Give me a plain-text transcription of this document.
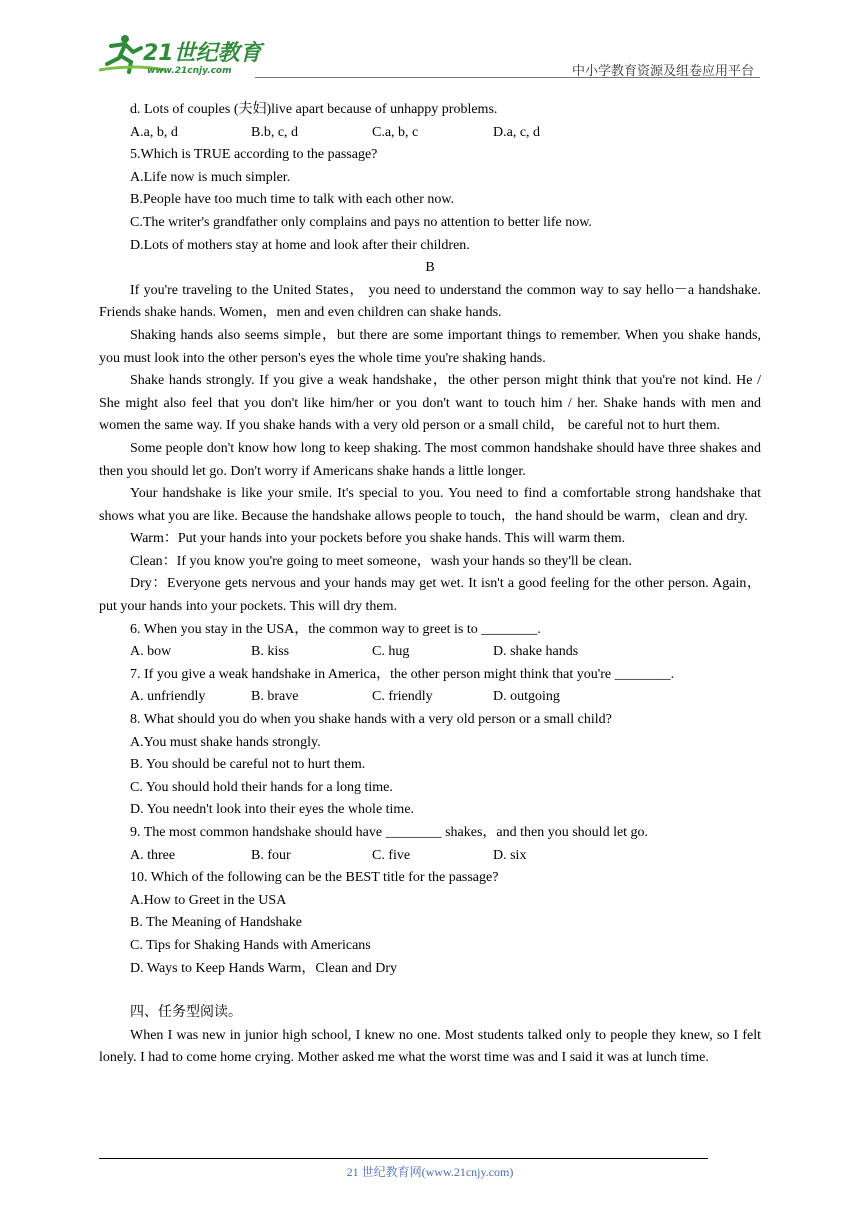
21世纪教育
www.21cnjy.com	中小学教育资源及组卷应用平台
d. Lots of couples (夫妇)live apart because of unhappy problems.
A.a, b, d	B.b, c, d	C.a, b, c	D.a, c, d
5.Which is TRUE according to the passage?
A.Life now is much simpler.
B.People have too much time to talk with each other now.
C.The writer's grandfather only complains and pays no attention to better life now.
D.Lots of mothers stay at home and look after their children.
B
If you're traveling to the United States， you need to understand the common way to say hello－a handshake. Friends shake hands. Women，men and even children can shake hands.
Shaking hands also seems simple，but there are some important things to remember. When you shake hands, you must look into the other person's eyes the whole time you're shaking hands.
Shake hands strongly. If you give a weak handshake，the other person might think that you're not kind. He / She might also feel that you don't like him/her or you don't want to touch him / her. Shake hands with men and women the same way. If you shake hands with a very old person or a small child， be careful not to hurt them.
Some people don't know how long to keep shaking. The most common handshake should have three shakes and then you should let go. Don't worry if Americans shake hands a little longer.
Your handshake is like your smile. It's special to you. You need to find a comfortable strong handshake that shows what you are like. Because the handshake allows people to touch，the hand should be warm，clean and dry.
Warm：Put your hands into your pockets before you shake hands. This will warm them.
Clean：If you know you're going to meet someone，wash your hands so they'll be clean.
Dry：Everyone gets nervous and your hands may get wet. It isn't a good feeling for the other person. Again，put your hands into your pockets. This will dry them.
6. When you stay in the USA，the common way to greet is to ________.
A. bow	B. kiss	C. hug	D. shake hands
7. If you give a weak handshake in America，the other person might think that you're ________.
A. unfriendly	B. brave	C. friendly	D. outgoing
8. What should you do when you shake hands with a very old person or a small child?
A.You must shake hands strongly.
B. You should be careful not to hurt them.
C. You should hold their hands for a long time.
D. You needn't look into their eyes the whole time.
9. The most common handshake should have ________ shakes，and then you should let go.
A. three	B. four	C. five	D. six
10. Which of the following can be the BEST title for the passage?
A.How to Greet in the USA
B. The Meaning of Handshake
C. Tips for Shaking Hands with Americans
D. Ways to Keep Hands Warm，Clean and Dry
四、任务型阅读。
When I was new in junior high school, I knew no one. Most students talked only to people they knew, so I felt lonely. I had to come home crying. Mother asked me what the worst time was and I said it was at lunch time.
21 世纪教育网(www.21cnjy.com)
